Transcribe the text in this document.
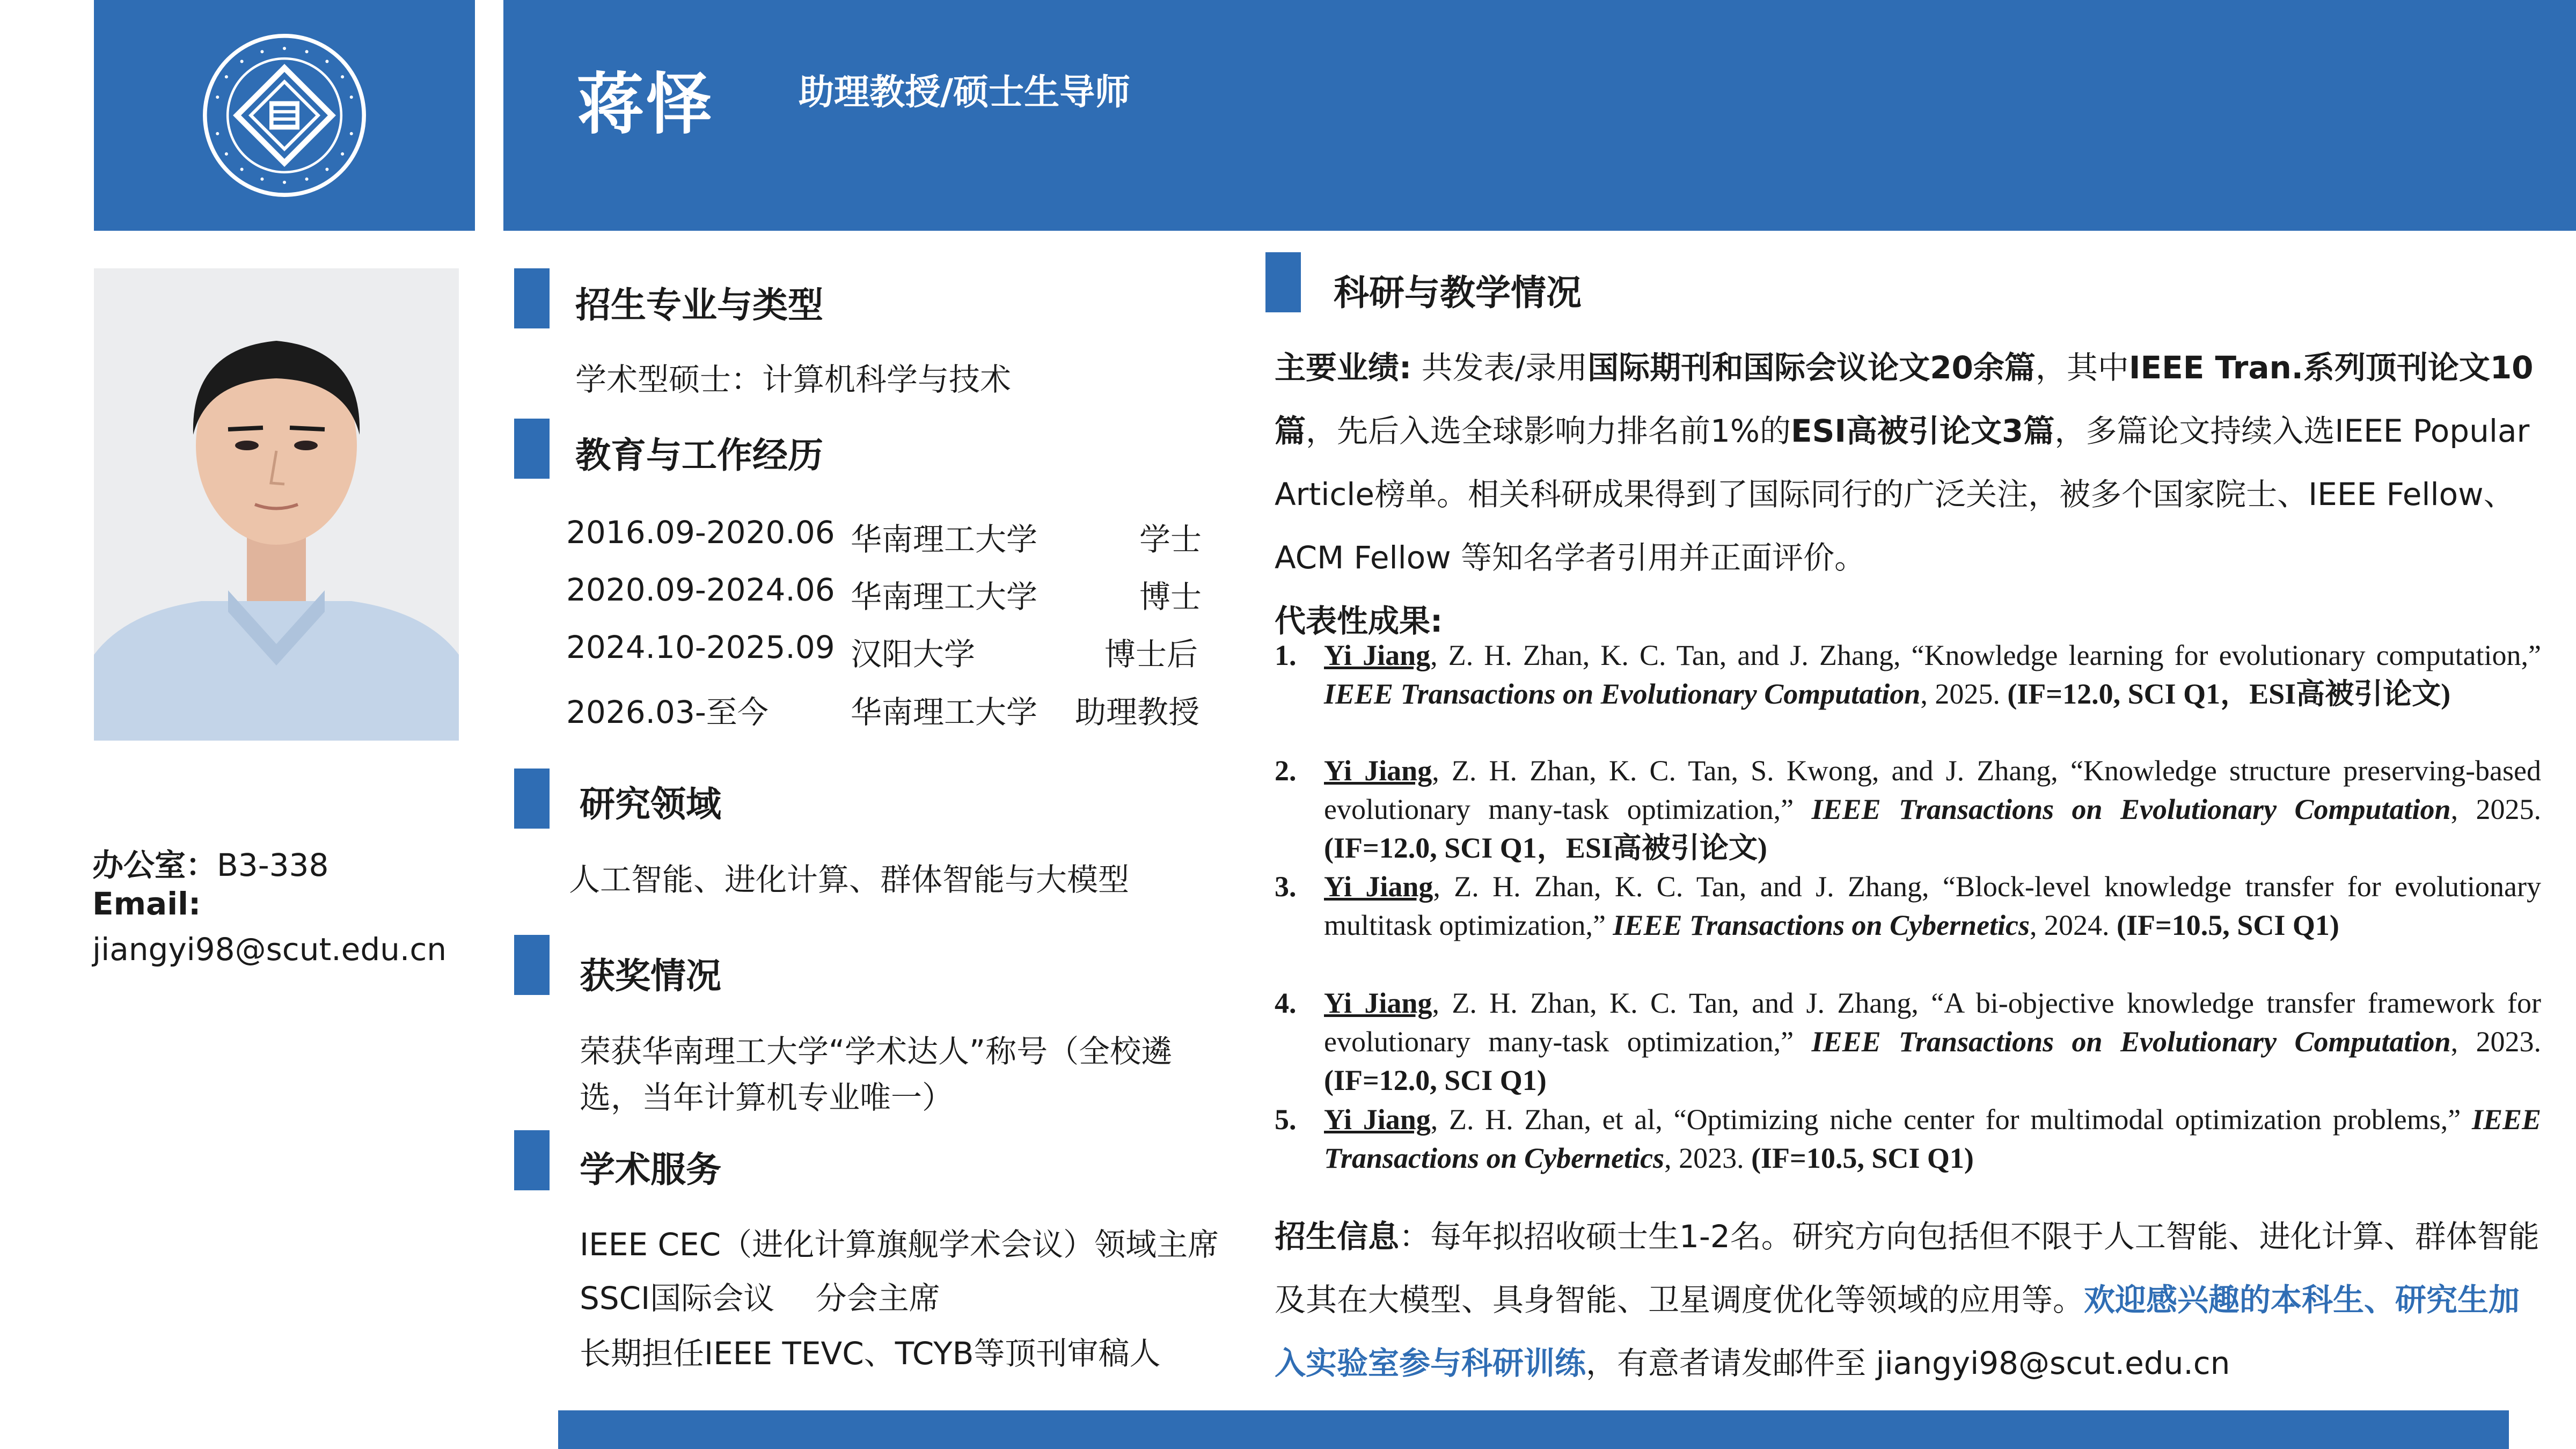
蒋怿 助理教授/硕士生导师
办公室：B3-338
Email:
jiangyi98@scut.edu.cn
招生专业与类型
学术型硕士：计算机科学与技术
教育与工作经历
2016.09-2020.06 华南理工大学	学士
2020.09-2024.06 华南理工大学	博士
2024.10-2025.09 汉阳大学	博士后
2026.03-至今	华南理工大学 助理教授
研究领域
人工智能、进化计算、群体智能与大模型
获奖情况
荣获华南理工大学“学术达人”称号（全校遴
选，当年计算机专业唯一）
学术服务
IEEE CEC（进化计算旗舰学术会议）领域主席
SSCI国际会议　 分会主席
长期担任IEEE TEVC、TCYB等顶刊审稿人
科研与教学情况
主要业绩: 共发表/录用国际期刊和国际会议论文20余篇，其中IEEE Tran.系列顶刊论文10篇，先后入选全球影响力排名前1%的ESI高被引论文3篇，多篇论文持续入选IEEE Popular Article榜单。相关科研成果得到了国际同行的广泛关注，被多个国家院士、IEEE Fellow、ACM Fellow 等知名学者引用并正面评价。
代表性成果:
1. Yi Jiang, Z. H. Zhan, K. C. Tan, and J. Zhang, “Knowledge learning for evolutionary computation,” IEEE Transactions on Evolutionary Computation, 2025. (IF=12.0, SCI Q1，ESI高被引论文)
2. Yi Jiang, Z. H. Zhan, K. C. Tan, S. Kwong, and J. Zhang, “Knowledge structure preserving-based evolutionary many-task optimization,” IEEE Transactions on Evolutionary Computation, 2025. (IF=12.0, SCI Q1，ESI高被引论文)
3. Yi Jiang, Z. H. Zhan, K. C. Tan, and J. Zhang, “Block-level knowledge transfer for evolutionary multitask optimization,” IEEE Transactions on Cybernetics, 2024. (IF=10.5, SCI Q1)
4. Yi Jiang, Z. H. Zhan, K. C. Tan, and J. Zhang, “A bi-objective knowledge transfer framework for evolutionary many-task optimization,” IEEE Transactions on Evolutionary Computation, 2023. (IF=12.0, SCI Q1)
5. Yi Jiang, Z. H. Zhan, et al, “Optimizing niche center for multimodal optimization problems,” IEEE Transactions on Cybernetics, 2023. (IF=10.5, SCI Q1)
招生信息：每年拟招收硕士生1-2名。研究方向包括但不限于人工智能、进化计算、群体智能及其在大模型、具身智能、卫星调度优化等领域的应用等。欢迎感兴趣的本科生、研究生加入实验室参与科研训练，有意者请发邮件至 jiangyi98@scut.edu.cn
